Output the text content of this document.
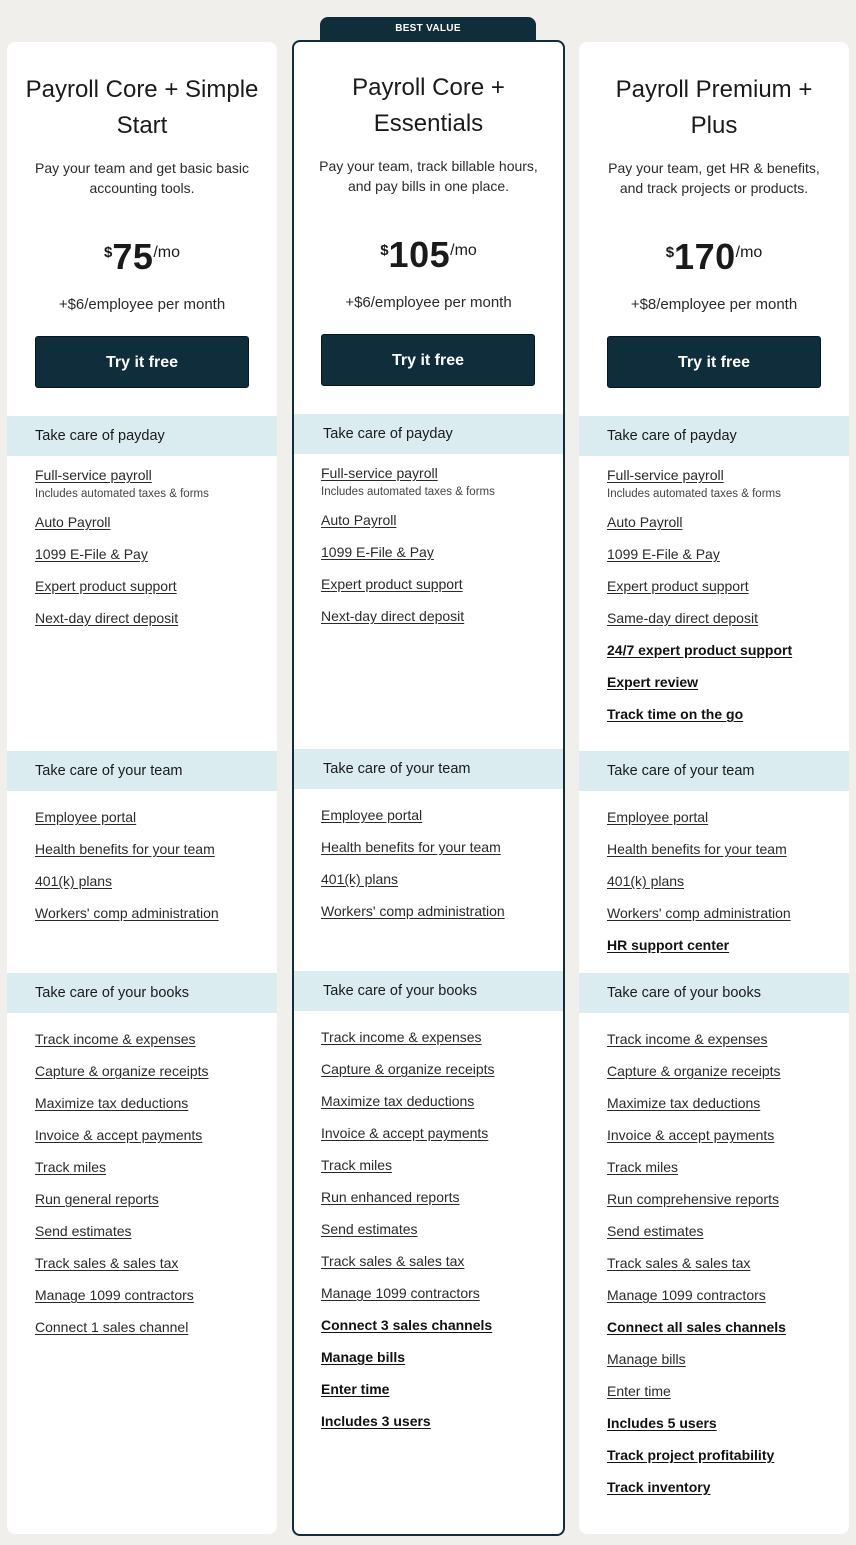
BEST VALUE
Payroll Core + Simple Start
Pay your team and get basic basic accounting tools.
$75/mo
+$6/employee per month
Try it free
Take care of payday
Full-service payroll
Includes automated taxes & forms
Auto Payroll
1099 E-File & Pay
Expert product support
Next-day direct deposit
Take care of your team
Employee portal
Health benefits for your team
401(k) plans
Workers' comp administration
Take care of your books
Track income & expenses
Capture & organize receipts
Maximize tax deductions
Invoice & accept payments
Track miles
Run general reports
Send estimates
Track sales & sales tax
Manage 1099 contractors
Connect 1 sales channel
Payroll Core + Essentials
Pay your team, track billable hours, and pay bills in one place.
$105/mo
+$6/employee per month
Try it free
Take care of payday
Full-service payroll
Includes automated taxes & forms
Auto Payroll
1099 E-File & Pay
Expert product support
Next-day direct deposit
Take care of your team
Employee portal
Health benefits for your team
401(k) plans
Workers' comp administration
Take care of your books
Track income & expenses
Capture & organize receipts
Maximize tax deductions
Invoice & accept payments
Track miles
Run enhanced reports
Send estimates
Track sales & sales tax
Manage 1099 contractors
Connect 3 sales channels
Manage bills
Enter time
Includes 3 users
Payroll Premium + Plus
Pay your team, get HR & benefits, and track projects or products.
$170/mo
+$8/employee per month
Try it free
Take care of payday
Full-service payroll
Includes automated taxes & forms
Auto Payroll
1099 E-File & Pay
Expert product support
Same-day direct deposit
24/7 expert product support
Expert review
Track time on the go
Take care of your team
Employee portal
Health benefits for your team
401(k) plans
Workers' comp administration
HR support center
Take care of your books
Track income & expenses
Capture & organize receipts
Maximize tax deductions
Invoice & accept payments
Track miles
Run comprehensive reports
Send estimates
Track sales & sales tax
Manage 1099 contractors
Connect all sales channels
Manage bills
Enter time
Includes 5 users
Track project profitability
Track inventory
